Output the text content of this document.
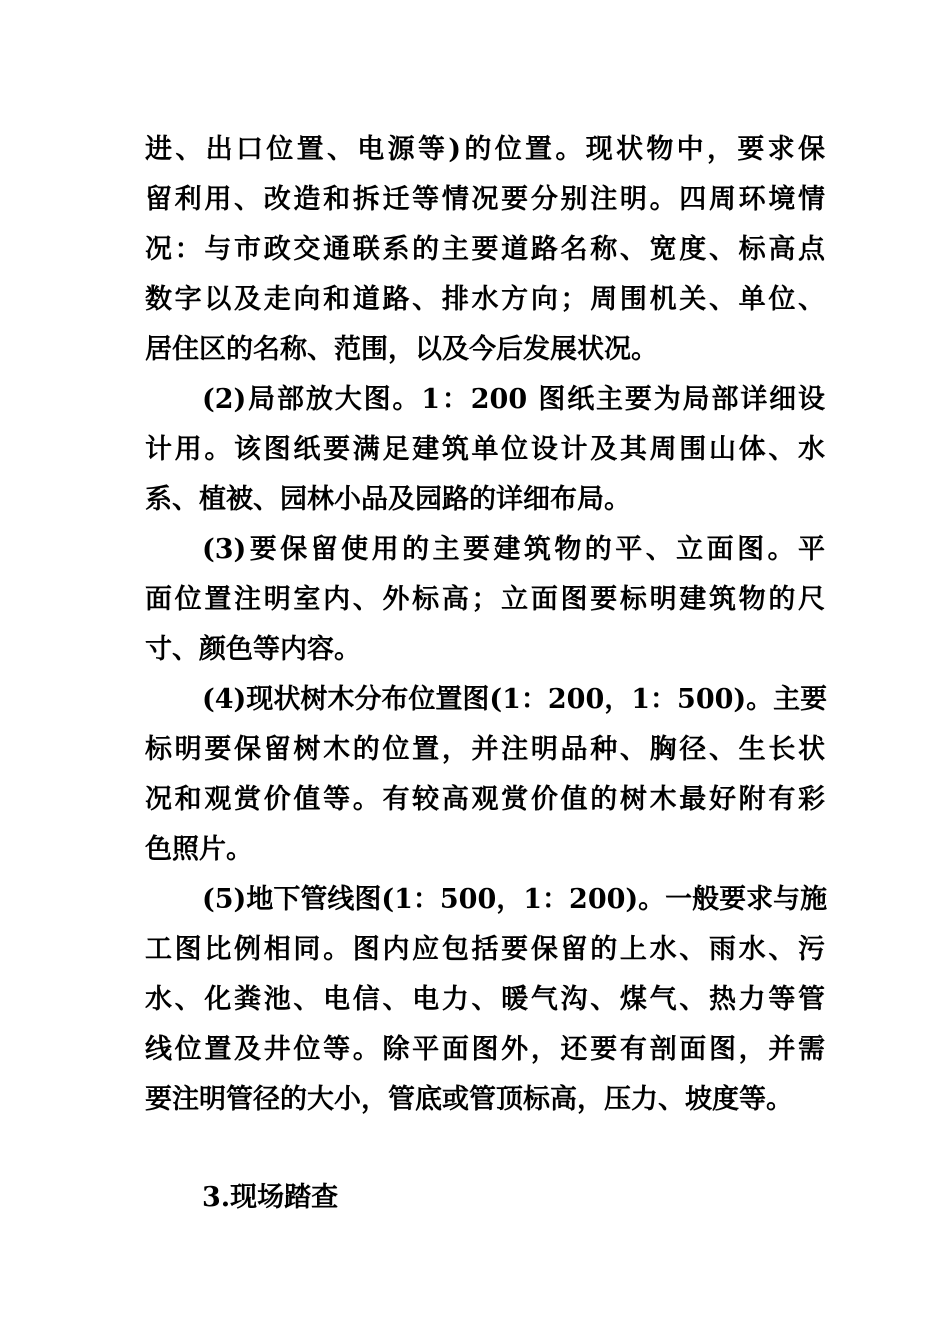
进、出口位置、电源等)的位置。现状物中，要求保
留利用、改造和拆迁等情况要分别注明。四周环境情
况：与市政交通联系的主要道路名称、宽度、标高点
数字以及走向和道路、排水方向；周围机关、单位、
居住区的名称、范围，以及今后发展状况。
(2)局部放大图。1：200 图纸主要为局部详细设
计用。该图纸要满足建筑单位设计及其周围山体、水
系、植被、园林小品及园路的详细布局。
(3)要保留使用的主要建筑物的平、立面图。平
面位置注明室内、外标高；立面图要标明建筑物的尺
寸、颜色等内容。
(4)现状树木分布位置图(1：200，1：500)。主要
标明要保留树木的位置，并注明品种、胸径、生长状
况和观赏价值等。有较高观赏价值的树木最好附有彩
色照片。
(5)地下管线图(1：500，1：200)。一般要求与施
工图比例相同。图内应包括要保留的上水、雨水、污
水、化粪池、电信、电力、暖气沟、煤气、热力等管
线位置及井位等。除平面图外，还要有剖面图，并需
要注明管径的大小，管底或管顶标高，压力、坡度等。
3.现场踏查
